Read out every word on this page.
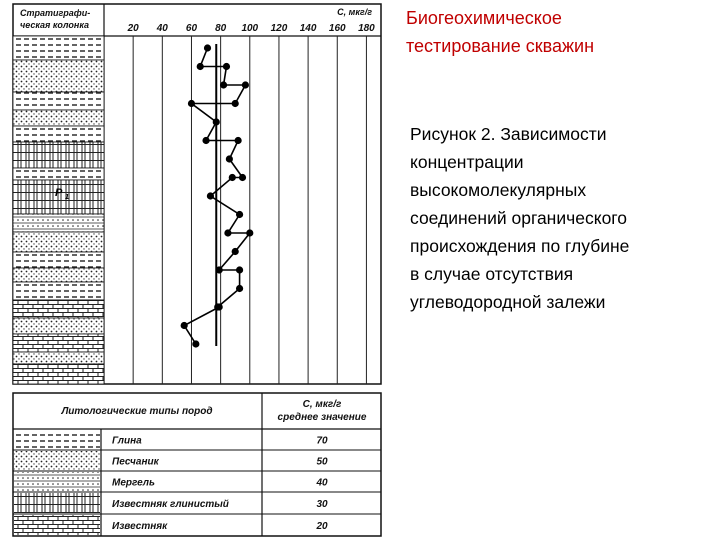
Биогеохимическое
тестирование скважин
Рисунок 2. Зависимости
концентрации
высокомолекулярных
соединений органического
происхождения по глубине
в случае отсутствия
углеводородной залежи
Стратиграфи-
ческая колонка
С, мкг/г
P $_1$
20 40 60 80 100 120 140 160 180
Литологические типы пород
С, мкг/г
среднее значение
Глина	70
Песчаник	50
Мергель	40
Известняк глинистый	30
Известняк	20
